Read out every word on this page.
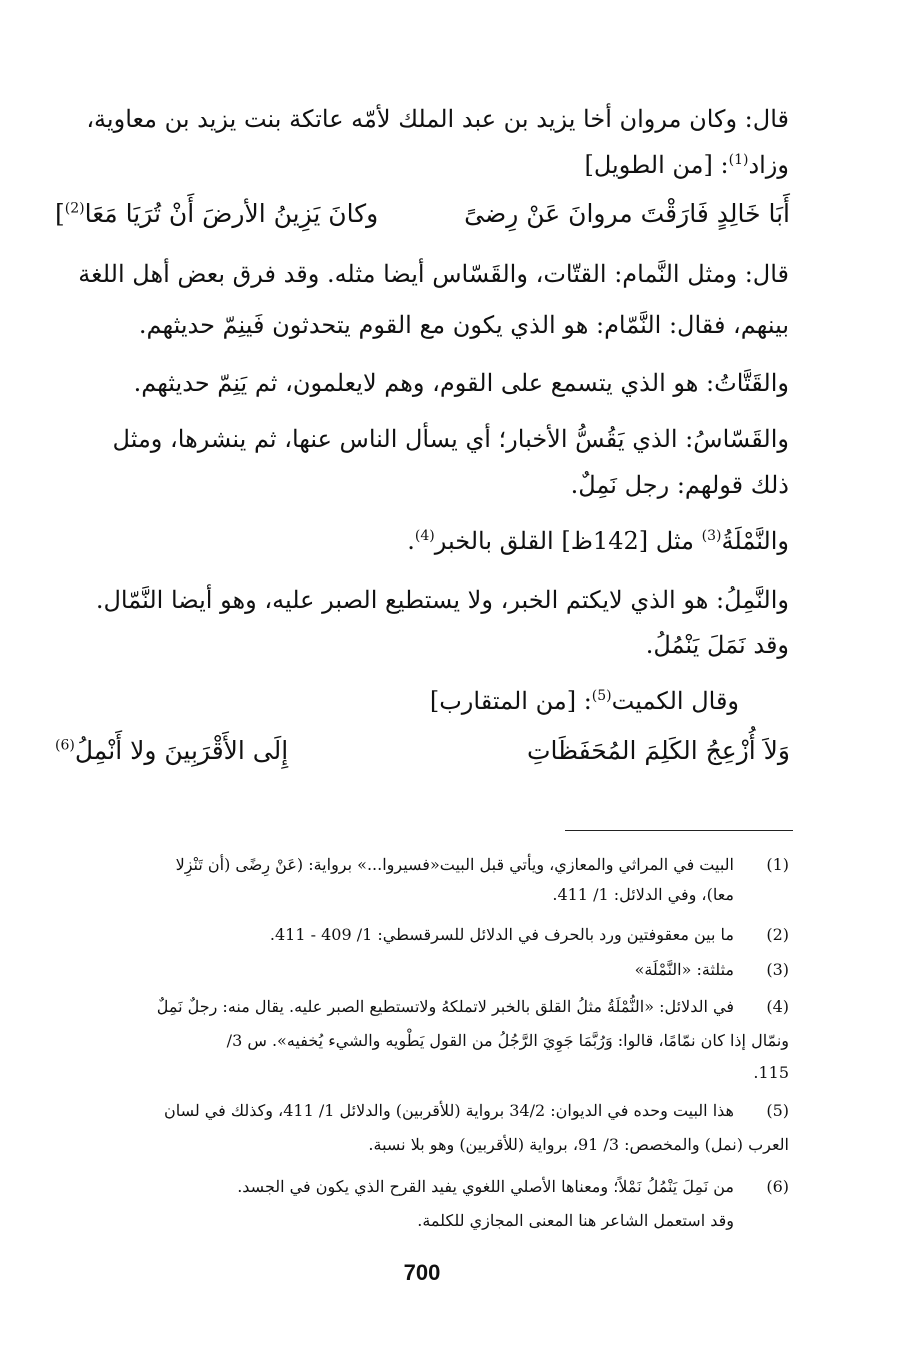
قال: وكان مروان أخا يزيد بن عبد الملك لأمّه عاتكة بنت يزيد بن معاوية،
وزاد$^{(1)}$: [من الطويل]
أَبَا خَالِدٍ فَارَقْتَ مروانَ عَنْ رِضىً
وكانَ يَزِينُ الأرضَ أَنْ تُرَيَا مَعَا$^{(2)}$]
قال: ومثل النَّمام: القتّات، والقَسّاس أيضا مثله. وقد فرق بعض أهل اللغة
بينهم، فقال: النَّمّام: هو الذي يكون مع القوم يتحدثون فَينِمّ حديثهم.
والقَتَّاتُ: هو الذي يتسمع على القوم، وهم لايعلمون، ثم يَنِمّ حديثهم.
والقَسّاسُ: الذي يَقُسُّ الأخبار؛ أي يسأل الناس عنها، ثم ينشرها، ومثل
ذلك قولهم: رجل نَمِلٌ.
والنَّمْلَةُ$^{(3)}$ مثل [142ظ] القلق بالخبر$^{(4)}$.
والنَّمِلُ: هو الذي لايكتم الخبر، ولا يستطيع الصبر عليه، وهو أيضا النَّمّال.
وقد نَمَلَ يَنْمُلُ.
وقال الكميت$^{(5)}$: [من المتقارب]
وَلاَ أُزْعِجُ الكَلِمَ المُحَفَظَاتِ
إِلَى الأَقْرَبِينَ ولا أَنْمِلُ$^{(6)}$
(1)
البيت في المراثي والمعازي، ويأتي قبل البيت«فسيروا...» برواية: (عَنْ رِضًى (أن تَنْزِلا
معا)، وفي الدلائل: 1/ 411.
(2)
ما بين معقوفتين ورد بالحرف في الدلائل للسرقسطي: 1/ 409 - 411.
(3)
مثلثة: «النَّمْلَة»
(4)
في الدلائل: «النُّمْلَةُ مثلُ القلق بالخبر لاتملكهُ ولاتستطيع الصبر عليه. يقال منه: رجلٌ نَمِلٌ
ونمّال إذا كان نمّامًا، قالوا: وَرُبَّمَا جَوِيَ الرَّجُلُ من القول يَطْويه والشيء يُخفيه». س 3/
115.
(5)
هذا البيت وحده في الديوان: 34/2 برواية (للأقربين) والدلائل 1/ 411، وكذلك في لسان
العرب (نمل) والمخصص: 3/ 91، برواية (للأقربين) وهو بلا نسبة.
(6)
من نَمِلَ يَنْمُلُ نَمْلاً؛ ومعناها الأصلي اللغوي يفيد القرح الذي يكون في الجسد.
وقد استعمل الشاعر هنا المعنى المجازي للكلمة.
700
